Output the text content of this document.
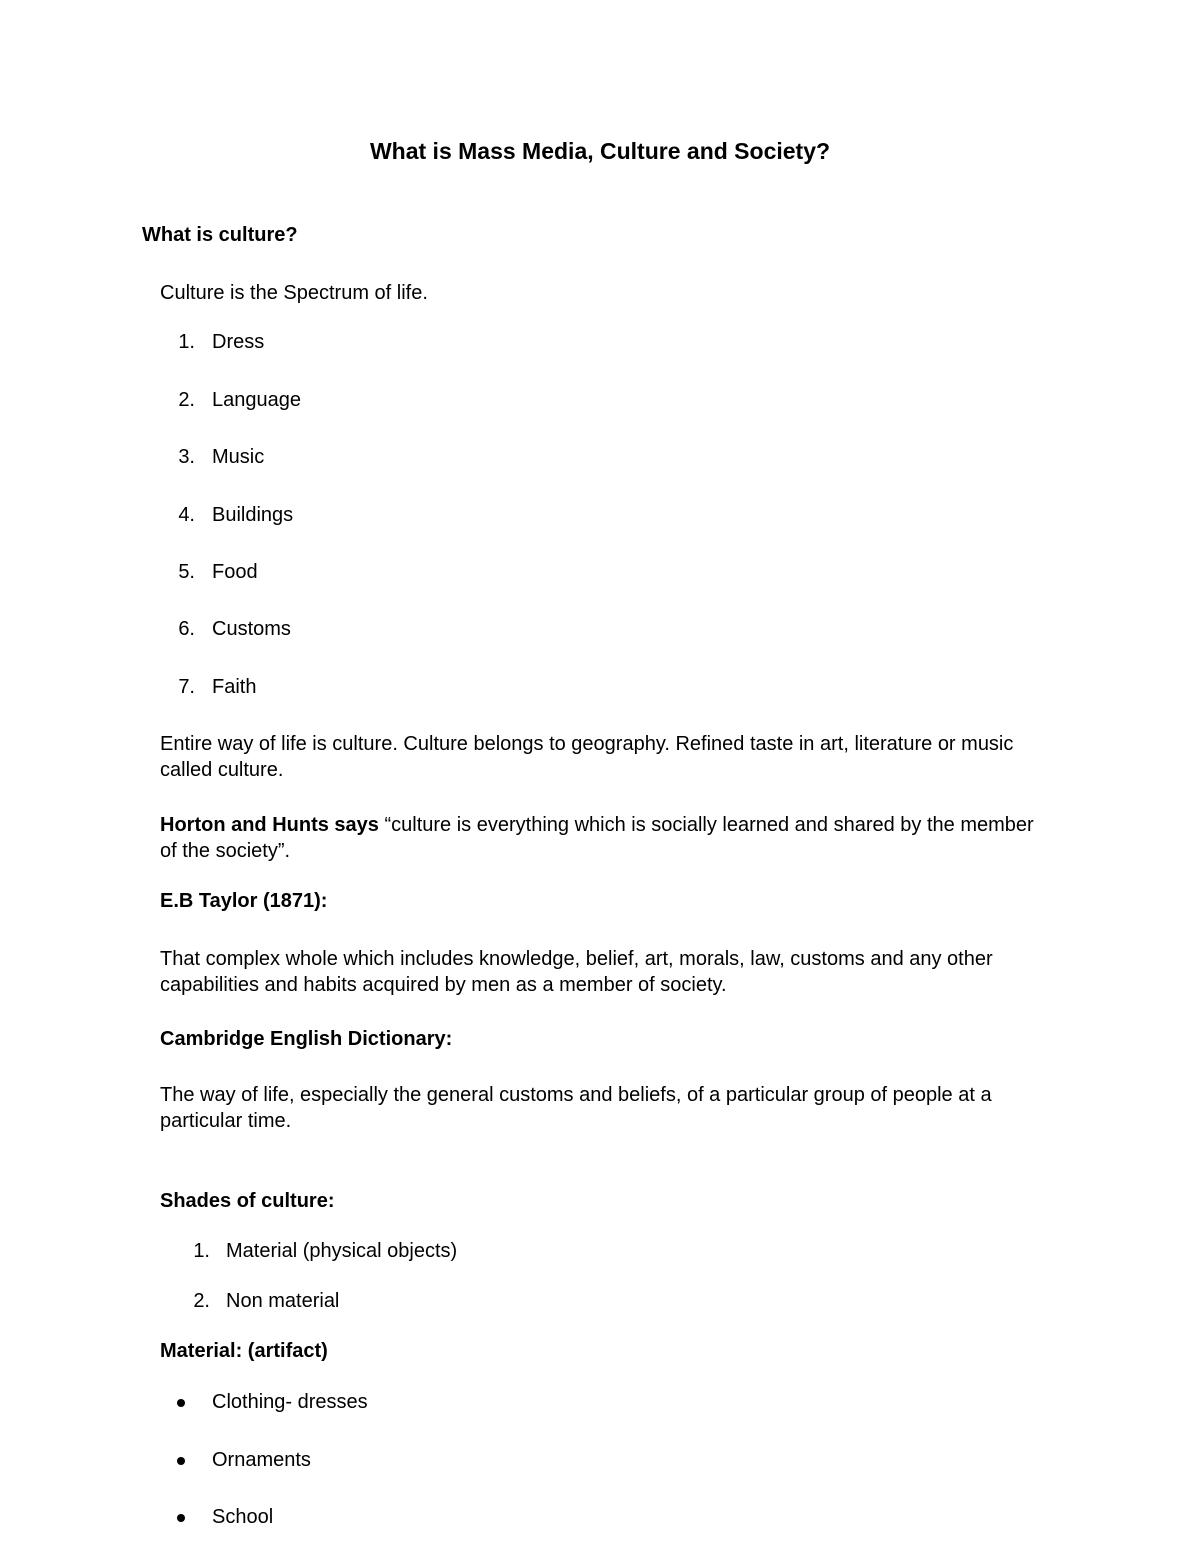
What is Mass Media, Culture and Society?
What is culture?
Culture is the Spectrum of life.
1. Dress
2. Language
3. Music
4. Buildings
5. Food
6. Customs
7. Faith
Entire way of life is culture. Culture belongs to geography. Refined taste in art, literature or music called culture.
Horton and Hunts says “culture is everything which is socially learned and shared by the member of the society”.
E.B Taylor (1871):
That complex whole which includes knowledge, belief, art, morals, law, customs and any other capabilities and habits acquired by men as a member of society.
Cambridge English Dictionary:
The way of life, especially the general customs and beliefs, of a particular group of people at a particular time.
Shades of culture:
1. Material (physical objects)
2. Non material
Material: (artifact)
Clothing- dresses
Ornaments
School
